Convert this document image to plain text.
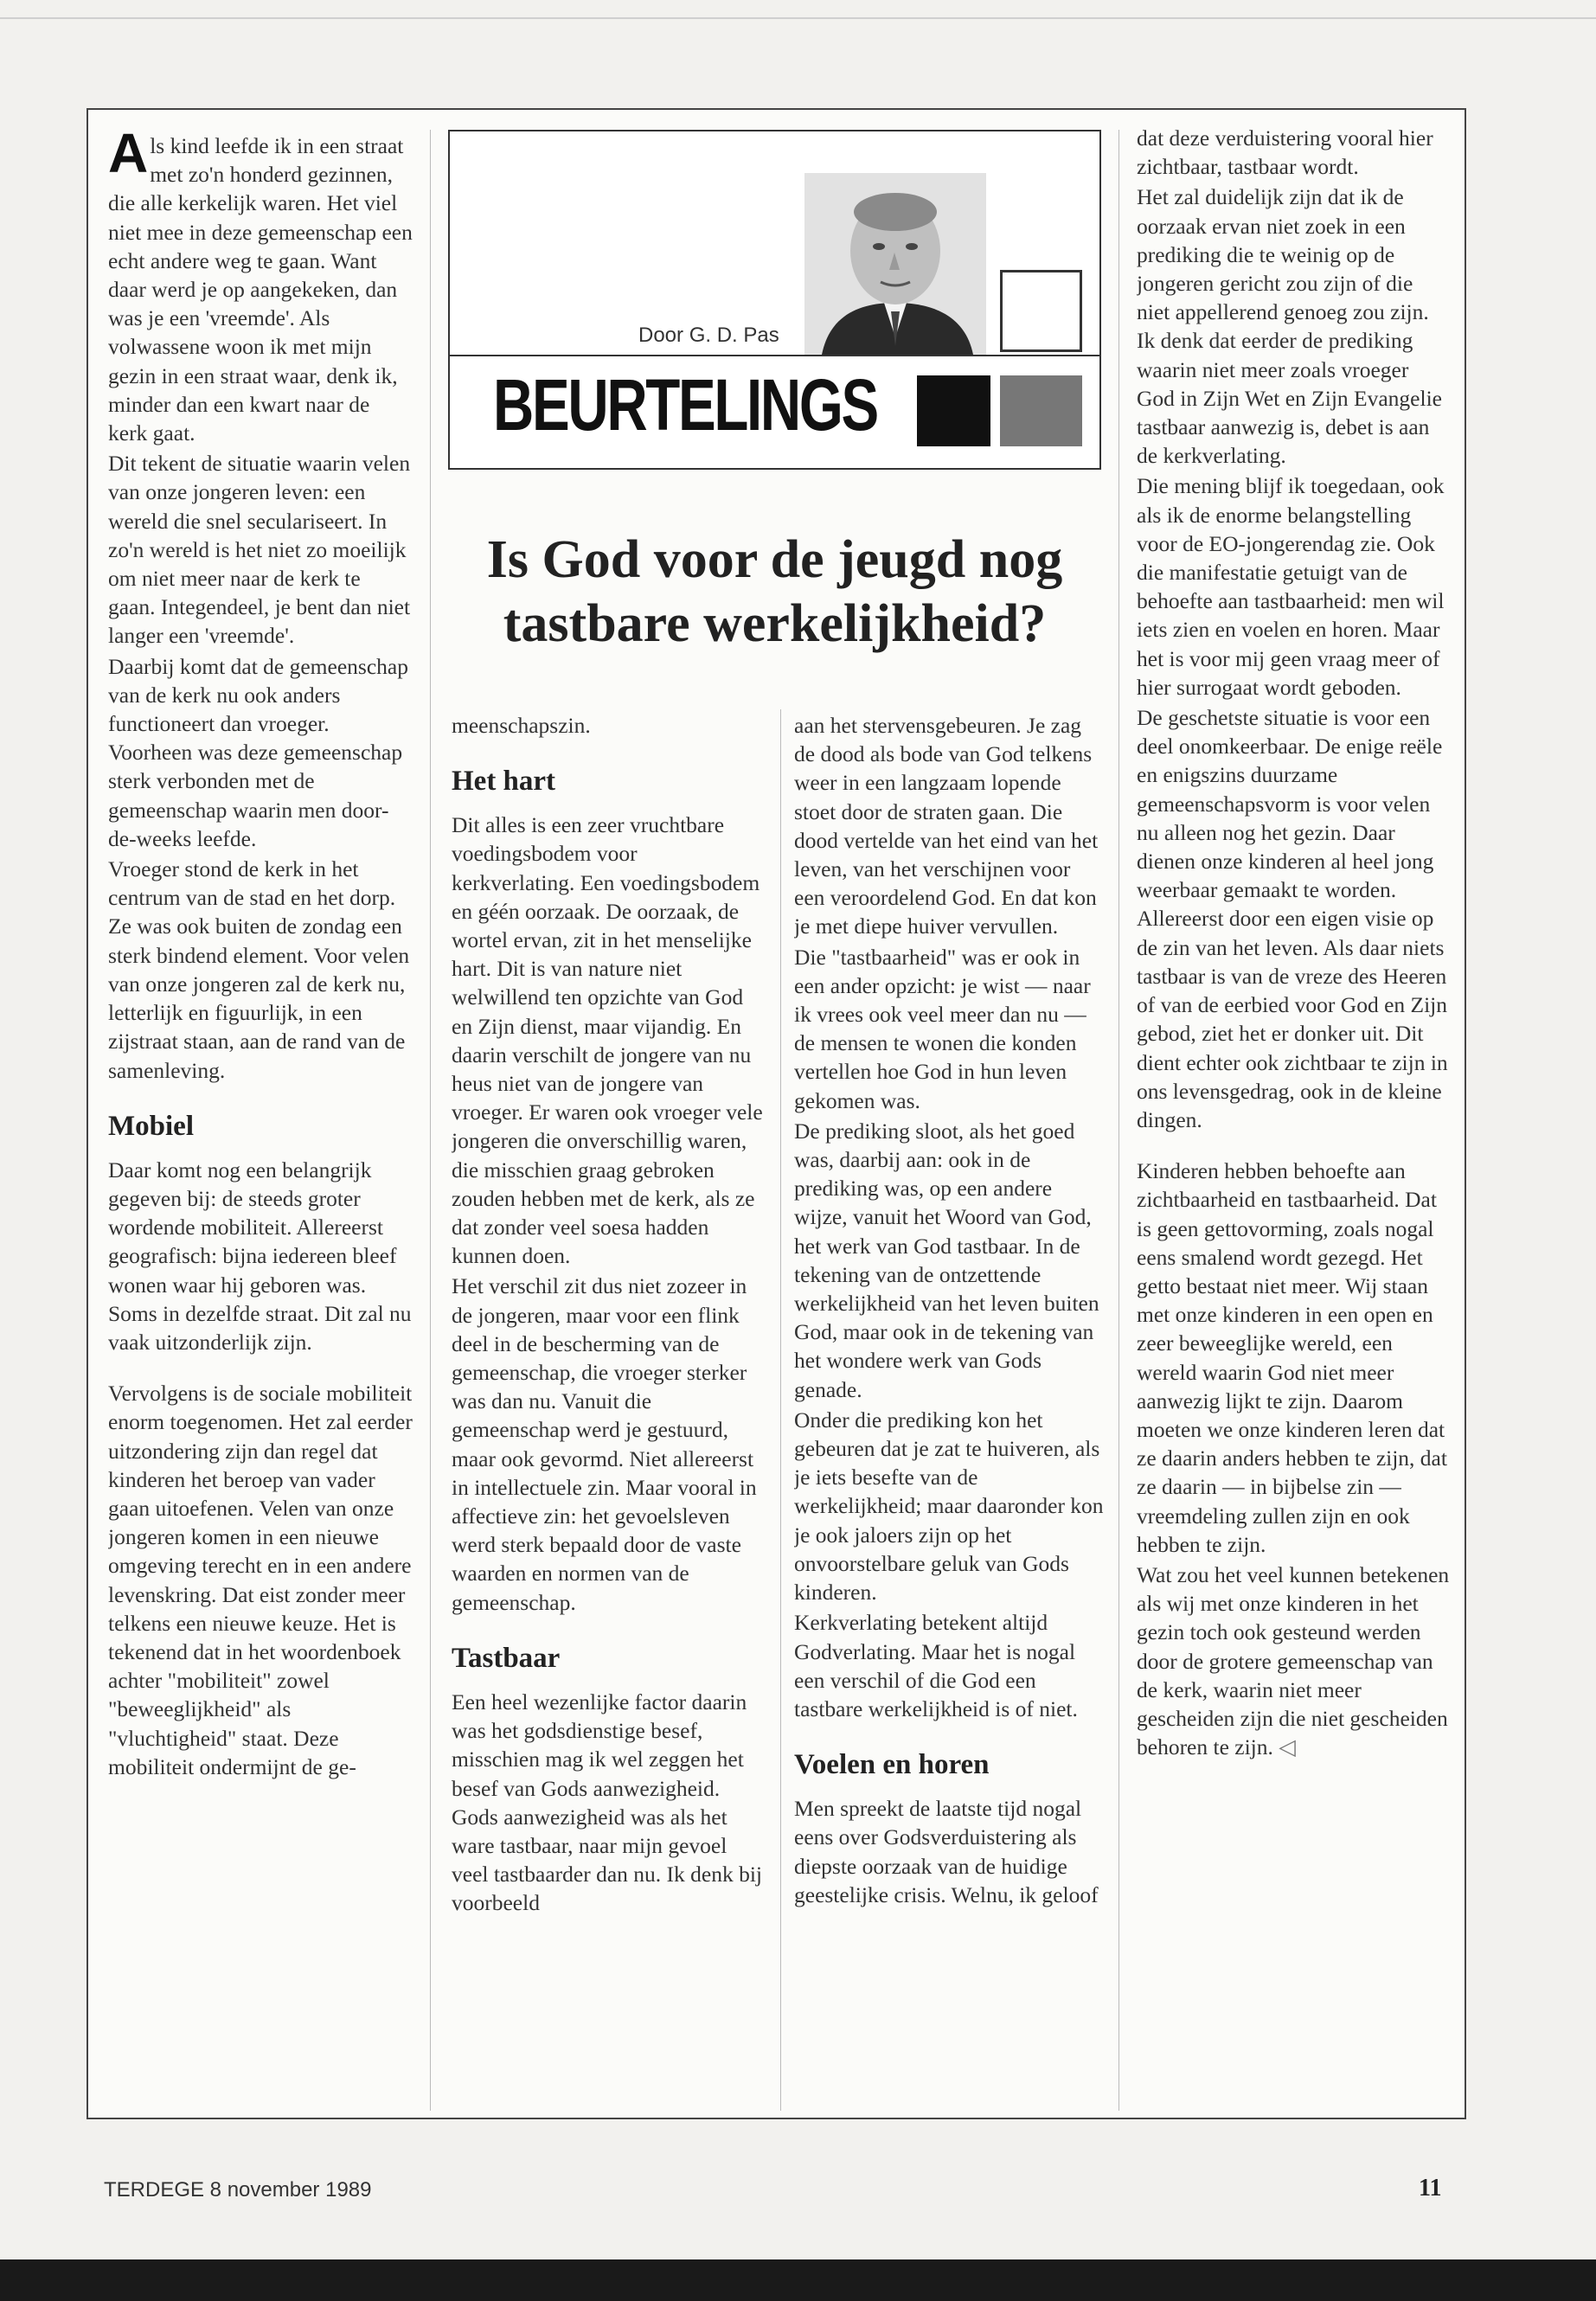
Door G. D. Pas
BEURTELINGS
Is God voor de jeugd nog tastbare werkelijkheid?

Als kind leefde ik in een straat met zo'n honderd gezinnen, die alle kerkelijk waren. Het viel niet mee in deze gemeenschap een echt andere weg te gaan. Want daar werd je op aangekeken, dan was je een 'vreemde'. Als volwassene woon ik met mijn gezin in een straat waar, denk ik, minder dan een kwart naar de kerk gaat.

Dit tekent de situatie waarin velen van onze jongeren leven: een wereld die snel seculariseert. In zo'n wereld is het niet zo moeilijk om niet meer naar de kerk te gaan. Integendeel, je bent dan niet langer een 'vreemde'.

Daarbij komt dat de gemeenschap van de kerk nu ook anders functioneert dan vroeger. Voorheen was deze gemeenschap sterk verbonden met de gemeenschap waarin men door-de-weeks leefde.

Vroeger stond de kerk in het centrum van de stad en het dorp. Ze was ook buiten de zondag een sterk bindend element. Voor velen van onze jongeren zal de kerk nu, letterlijk en figuurlijk, in een zijstraat staan, aan de rand van de samenleving.

Mobiel

Daar komt nog een belangrijk gegeven bij: de steeds groter wordende mobiliteit. Allereerst geografisch: bijna iedereen bleef wonen waar hij geboren was. Soms in dezelfde straat. Dit zal nu vaak uitzonderlijk zijn.

Vervolgens is de sociale mobiliteit enorm toegenomen. Het zal eerder uitzondering zijn dan regel dat kinderen het beroep van vader gaan uitoefenen. Velen van onze jongeren komen in een nieuwe omgeving terecht en in een andere levenskring. Dat eist zonder meer telkens een nieuwe keuze. Het is tekenend dat in het woordenboek achter "mobiliteit" zowel "beweeglijkheid" als "vluchtigheid" staat. Deze mobiliteit ondermijnt de ge-

meenschapszin.

Het hart

Dit alles is een zeer vruchtbare voedingsbodem voor kerkverlating. Een voedingsbodem en géén oorzaak. De oorzaak, de wortel ervan, zit in het menselijke hart. Dit is van nature niet welwillend ten opzichte van God en Zijn dienst, maar vijandig. En daarin verschilt de jongere van nu heus niet van de jongere van vroeger. Er waren ook vroeger vele jongeren die onverschillig waren, die misschien graag gebroken zouden hebben met de kerk, als ze dat zonder veel soesa hadden kunnen doen.

Het verschil zit dus niet zozeer in de jongeren, maar voor een flink deel in de bescherming van de gemeenschap, die vroeger sterker was dan nu. Vanuit die gemeenschap werd je gestuurd, maar ook gevormd. Niet allereerst in intellectuele zin. Maar vooral in affectieve zin: het gevoelsleven werd sterk bepaald door de vaste waarden en normen van de gemeenschap.

Tastbaar

Een heel wezenlijke factor daarin was het godsdienstige besef, misschien mag ik wel zeggen het besef van Gods aanwezigheid. Gods aanwezigheid was als het ware tastbaar, naar mijn gevoel veel tastbaarder dan nu. Ik denk bij voorbeeld

aan het stervensgebeuren. Je zag de dood als bode van God telkens weer in een langzaam lopende stoet door de straten gaan. Die dood vertelde van het eind van het leven, van het verschijnen voor een veroordelend God. En dat kon je met diepe huiver vervullen.

Die "tastbaarheid" was er ook in een ander opzicht: je wist — naar ik vrees ook veel meer dan nu — de mensen te wonen die konden vertellen hoe God in hun leven gekomen was.

De prediking sloot, als het goed was, daarbij aan: ook in de prediking was, op een andere wijze, vanuit het Woord van God, het werk van God tastbaar. In de tekening van de ontzettende werkelijkheid van het leven buiten God, maar ook in de tekening van het wondere werk van Gods genade.

Onder die prediking kon het gebeuren dat je zat te huiveren, als je iets besefte van de werkelijkheid; maar daaronder kon je ook jaloers zijn op het onvoorstelbare geluk van Gods kinderen.

Kerkverlating betekent altijd Godverlating. Maar het is nogal een verschil of die God een tastbare werkelijkheid is of niet.

Voelen en horen

Men spreekt de laatste tijd nogal eens over Godsverduistering als diepste oorzaak van de huidige geestelijke crisis. Welnu, ik geloof

dat deze verduistering vooral hier zichtbaar, tastbaar wordt.

Het zal duidelijk zijn dat ik de oorzaak ervan niet zoek in een prediking die te weinig op de jongeren gericht zou zijn of die niet appellerend genoeg zou zijn. Ik denk dat eerder de prediking waarin niet meer zoals vroeger God in Zijn Wet en Zijn Evangelie tastbaar aanwezig is, debet is aan de kerkverlating.

Die mening blijf ik toegedaan, ook als ik de enorme belangstelling voor de EO-jongerendag zie. Ook die manifestatie getuigt van de behoefte aan tastbaarheid: men wil iets zien en voelen en horen. Maar het is voor mij geen vraag meer of hier surrogaat wordt geboden.

De geschetste situatie is voor een deel onomkeerbaar. De enige reële en enigszins duurzame gemeenschapsvorm is voor velen nu alleen nog het gezin. Daar dienen onze kinderen al heel jong weerbaar gemaakt te worden. Allereerst door een eigen visie op de zin van het leven. Als daar niets tastbaar is van de vreze des Heeren of van de eerbied voor God en Zijn gebod, ziet het er donker uit. Dit dient echter ook zichtbaar te zijn in ons levensgedrag, ook in de kleine dingen.

Kinderen hebben behoefte aan zichtbaarheid en tastbaarheid. Dat is geen gettovorming, zoals nogal eens smalend wordt gezegd. Het getto bestaat niet meer. Wij staan met onze kinderen in een open en zeer beweeglijke wereld, een wereld waarin God niet meer aanwezig lijkt te zijn. Daarom moeten we onze kinderen leren dat ze daarin anders hebben te zijn, dat ze daarin — in bijbelse zin — vreemdeling zullen zijn en ook hebben te zijn.

Wat zou het veel kunnen betekenen als wij met onze kinderen in het gezin toch ook gesteund werden door de grotere gemeenschap van de kerk, waarin niet meer gescheiden zijn die niet gescheiden behoren te zijn. ◁

TERDEGE 8 november 1989	11
